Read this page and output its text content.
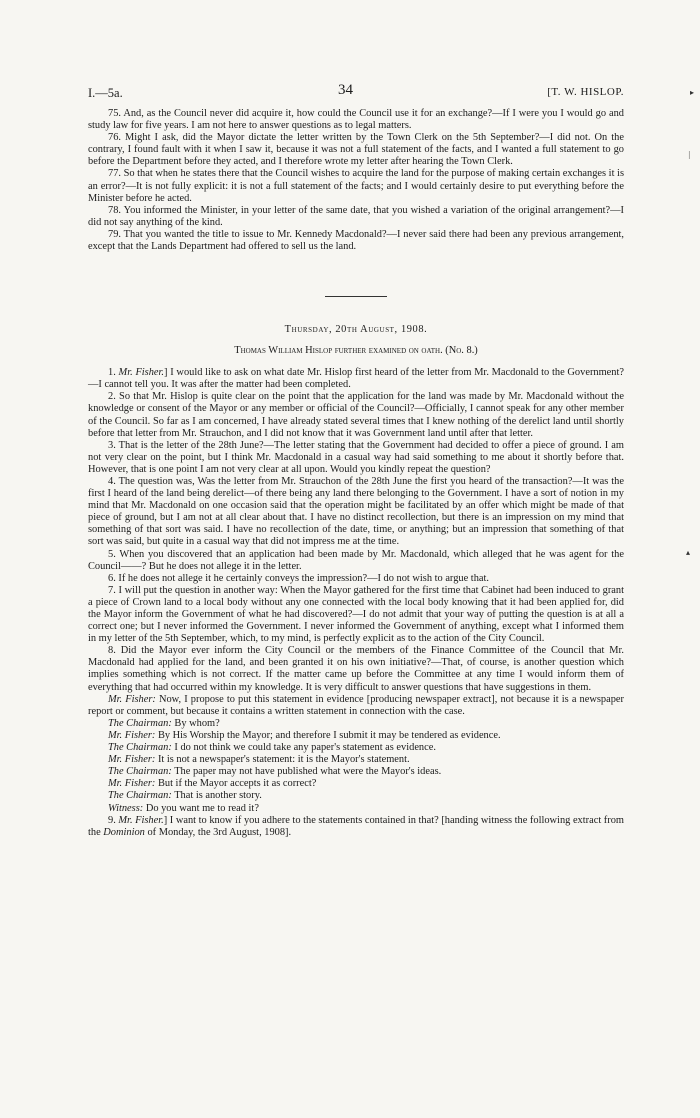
I.—5a.	34	[T. W. HISLOP.

75. And, as the Council never did acquire it, how could the Council use it for an exchange?—If I were you I would go and study law for five years. I am not here to answer questions as to legal matters.

76. Might I ask, did the Mayor dictate the letter written by the Town Clerk on the 5th September?—I did not. On the contrary, I found fault with it when I saw it, because it was not a full statement of the facts, and I wanted a full statement to go before the Department before they acted, and I therefore wrote my letter after hearing the Town Clerk.

77. So that when he states there that the Council wishes to acquire the land for the purpose of making certain exchanges it is an error?—It is not fully explicit: it is not a full statement of the facts; and I would certainly desire to put everything before the Minister before he acted.

78. You informed the Minister, in your letter of the same date, that you wished a variation of the original arrangement?—I did not say anything of the kind.

79. That you wanted the title to issue to Mr. Kennedy Macdonald?—I never said there had been any previous arrangement, except that the Lands Department had offered to sell us the land.

Thursday, 20th August, 1908.

Thomas William Hislop further examined on oath. (No. 8.)

1. Mr. Fisher.] I would like to ask on what date Mr. Hislop first heard of the letter from Mr. Macdonald to the Government?—I cannot tell you. It was after the matter had been completed.

2. So that Mr. Hislop is quite clear on the point that the application for the land was made by Mr. Macdonald without the knowledge or consent of the Mayor or any member or official of the Council?—Officially, I cannot speak for any other member of the Council. So far as I am concerned, I have already stated several times that I knew nothing of the derelict land until shortly before that letter from Mr. Strauchon, and I did not know that it was Government land until after that letter.

3. That is the letter of the 28th June?—The letter stating that the Government had decided to offer a piece of ground. I am not very clear on the point, but I think Mr. Macdonald in a casual way had said something to me about it shortly before that. However, that is one point I am not very clear at all upon. Would you kindly repeat the question?

4. The question was, Was the letter from Mr. Strauchon of the 28th June the first you heard of the transaction?—It was the first I heard of the land being derelict—of there being any land there belonging to the Government. I have a sort of notion in my mind that Mr. Macdonald on one occasion said that the operation might be facilitated by an offer which might be made of that piece of ground, but I am not at all clear about that. I have no distinct recollection, but there is an impression on my mind that something of that sort was said. I have no recollection of the date, time, or anything; but an impression that something of that sort was said, but quite in a casual way that did not impress me at the time.

5. When you discovered that an application had been made by Mr. Macdonald, which alleged that he was agent for the Council——? But he does not allege it in the letter.

6. If he does not allege it he certainly conveys the impression?—I do not wish to argue that.

7. I will put the question in another way: When the Mayor gathered for the first time that Cabinet had been induced to grant a piece of Crown land to a local body without any one connected with the local body knowing that it had been applied for, did the Mayor inform the Government of what he had discovered?—I do not admit that your way of putting the question is at all a correct one; but I never informed the Government. I never informed the Government of anything, except what I informed them in my letter of the 5th September, which, to my mind, is perfectly explicit as to the action of the City Council.

8. Did the Mayor ever inform the City Council or the members of the Finance Committee of the Council that Mr. Macdonald had applied for the land, and been granted it on his own initiative?—That, of course, is another question which implies something which is not correct. If the matter came up before the Committee at any time I would inform them of everything that had occurred within my knowledge. It is very difficult to answer questions that have suggestions in them.

Mr. Fisher: Now, I propose to put this statement in evidence [producing newspaper extract], not because it is a newspaper report or comment, but because it contains a written statement in connection with the case.

The Chairman: By whom?

Mr. Fisher: By His Worship the Mayor; and therefore I submit it may be tendered as evidence.

The Chairman: I do not think we could take any paper's statement as evidence.

Mr. Fisher: It is not a newspaper's statement: it is the Mayor's statement.

The Chairman: The paper may not have published what were the Mayor's ideas.

Mr. Fisher: But if the Mayor accepts it as correct?

The Chairman: That is another story.

Witness: Do you want me to read it?

9. Mr. Fisher.] I want to know if you adhere to the statements contained in that? [handing witness the following extract from the Dominion of Monday, the 3rd August, 1908].

▸
|
▴
